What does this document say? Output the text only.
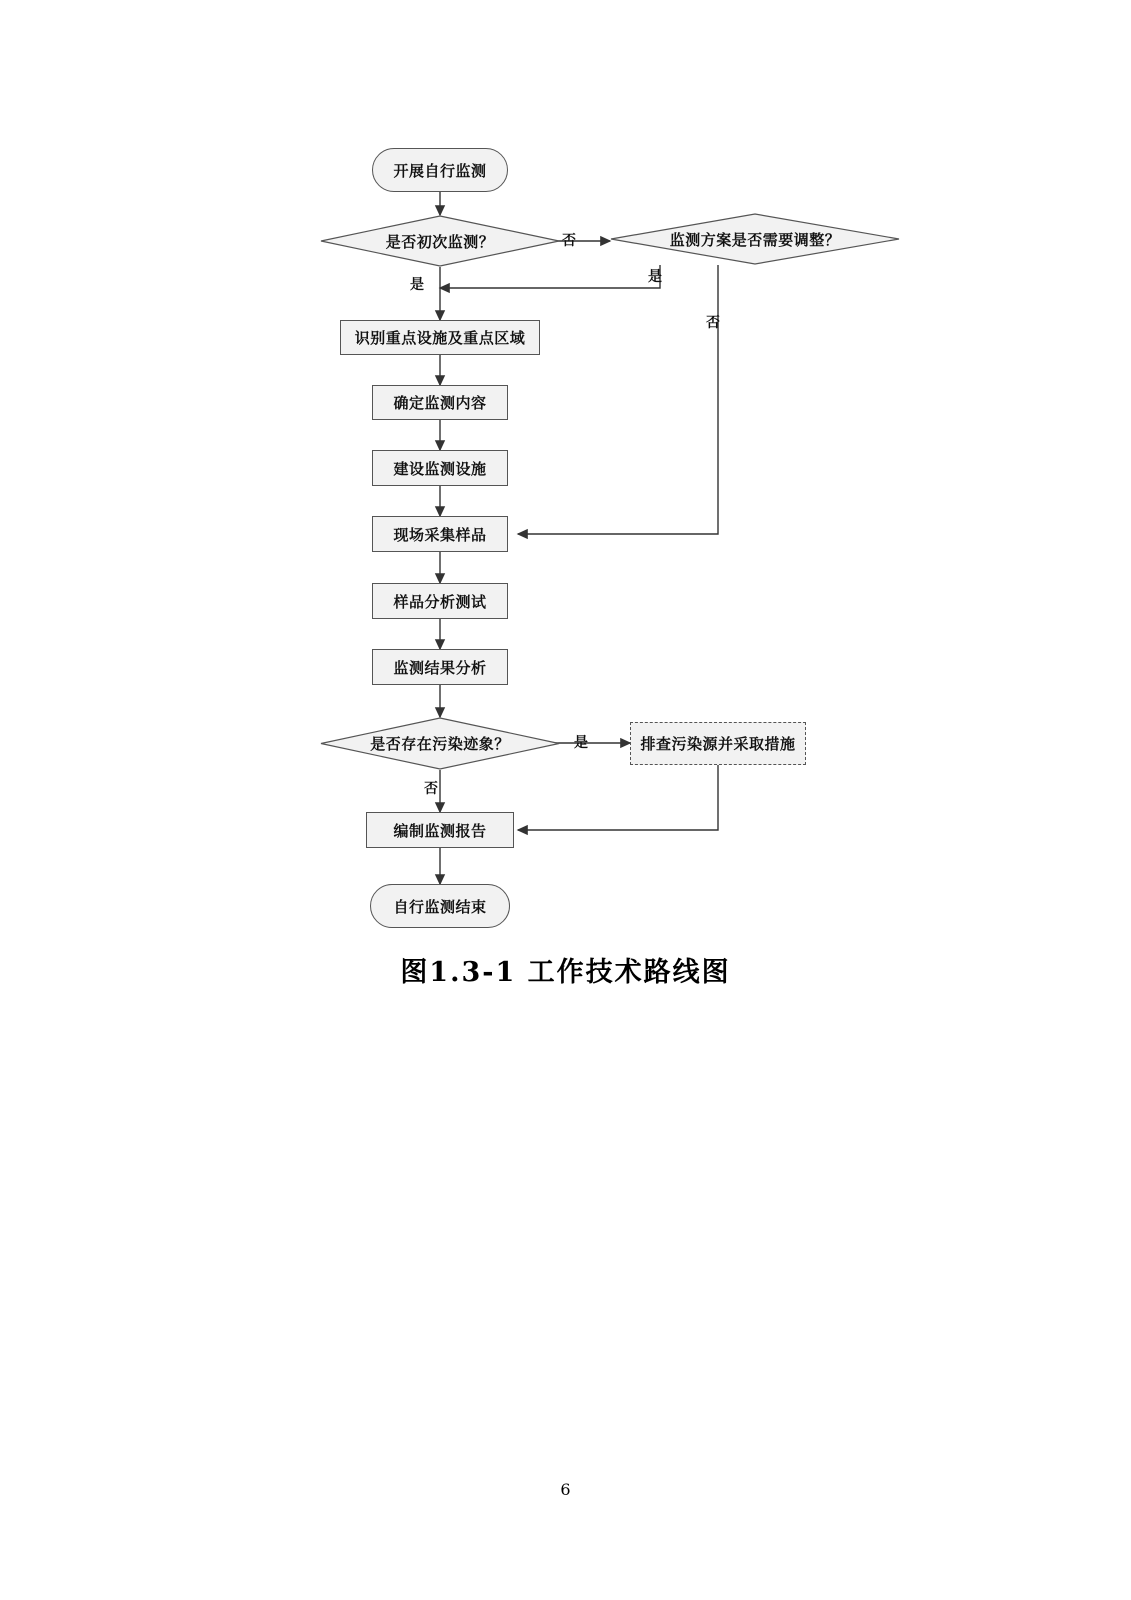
开展自行监测
是否初次监测？	监测方案是否需要调整？
识别重点设施及重点区域
确定监测内容
建设监测设施
现场采集样品
样品分析测试
监测结果分析
是否存在污染迹象？	排查污染源并采取措施
编制监测报告
自行监测结束
否
是	是
否
是
否
图1.3-1 工作技术路线图
6
